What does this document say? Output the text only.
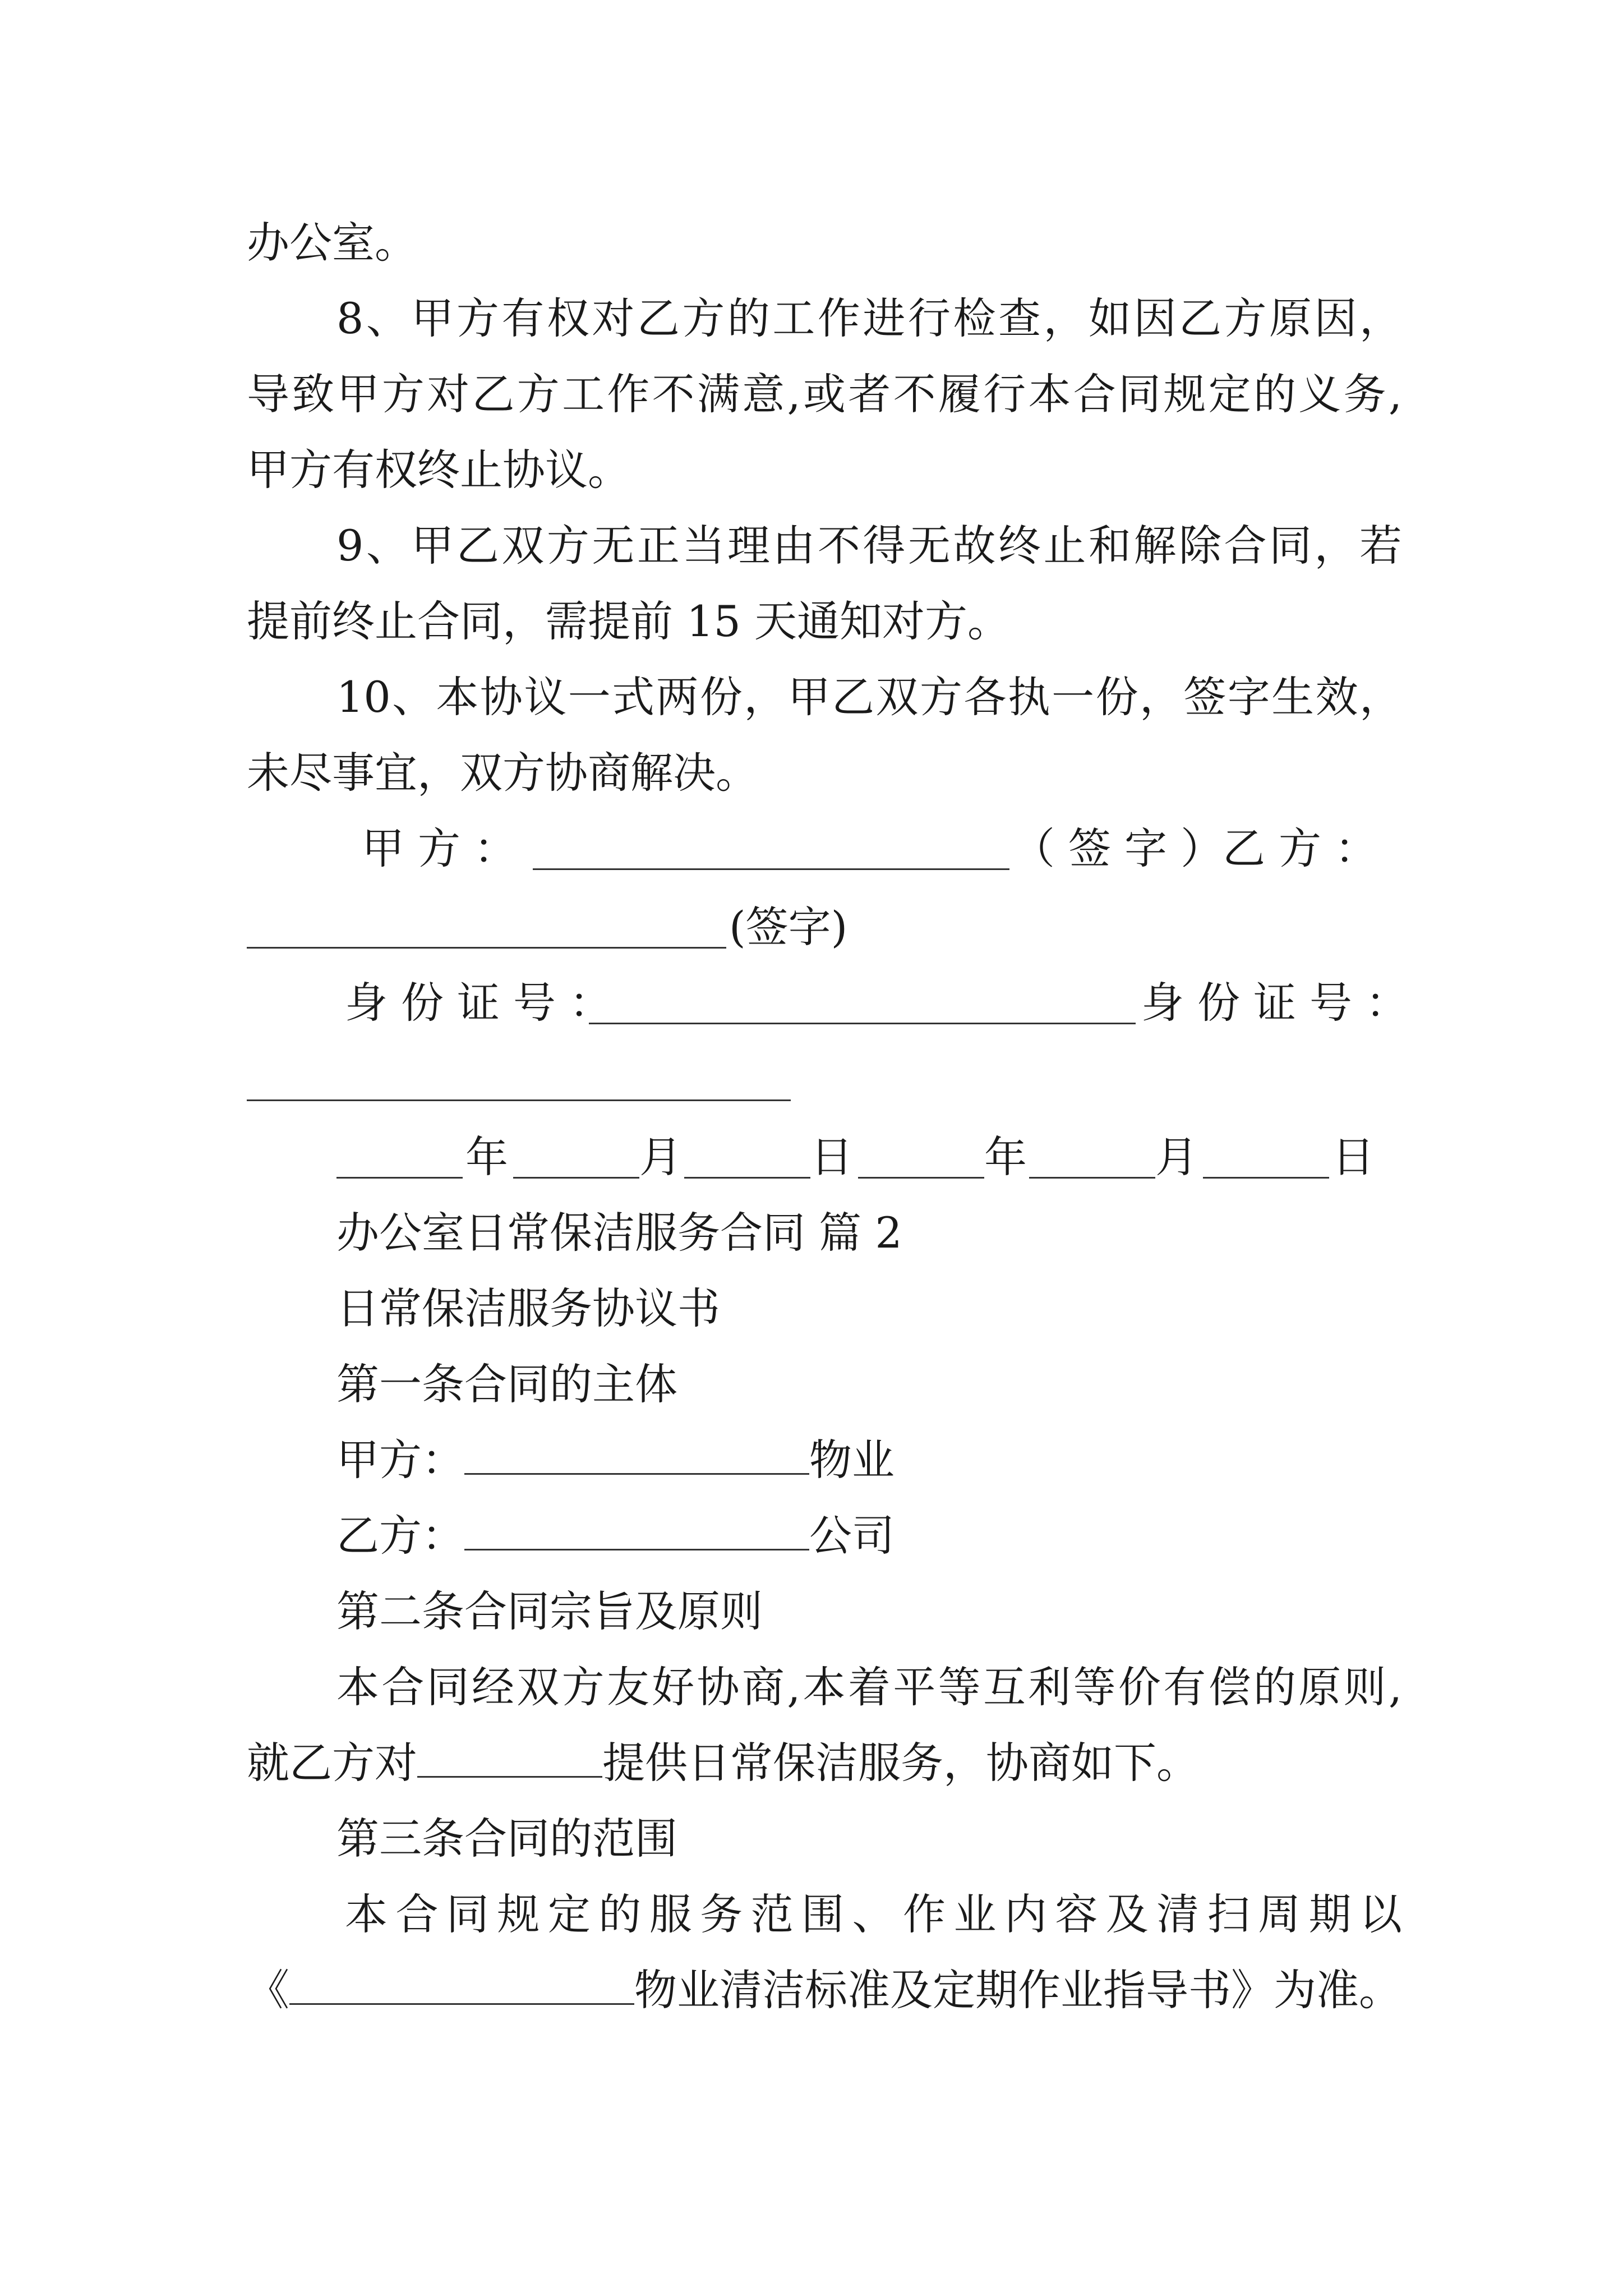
办公室。
8、甲方有权对乙方的工作进行检查，如因乙方原因，
导致甲方对乙方工作不满意,或者不履行本合同规定的义务,
甲方有权终止协议。
9、甲乙双方无正当理由不得无故终止和解除合同，若
提前终止合同，需提前 15 天通知对方。
10、本协议一式两份，甲乙双方各执一份，签字生效，
未尽事宜，双方协商解决。
甲方：	（签字）
乙方：
(签字)
身份证号：	身份证号：
年	月	日	年	月	日
办公室日常保洁服务合同 篇 2
日常保洁服务协议书
第一条合同的主体
甲方：	物业
乙方：	公司
第二条合同宗旨及原则
本合同经双方友好协商,本着平等互利等价有偿的原则,
就乙方对	提供日常保洁服务，协商如下。
第三条合同的范围
本合同规定的服务范围、作业内容及清扫周期以
《	物业清洁标准及定期作业指导书》为准。
